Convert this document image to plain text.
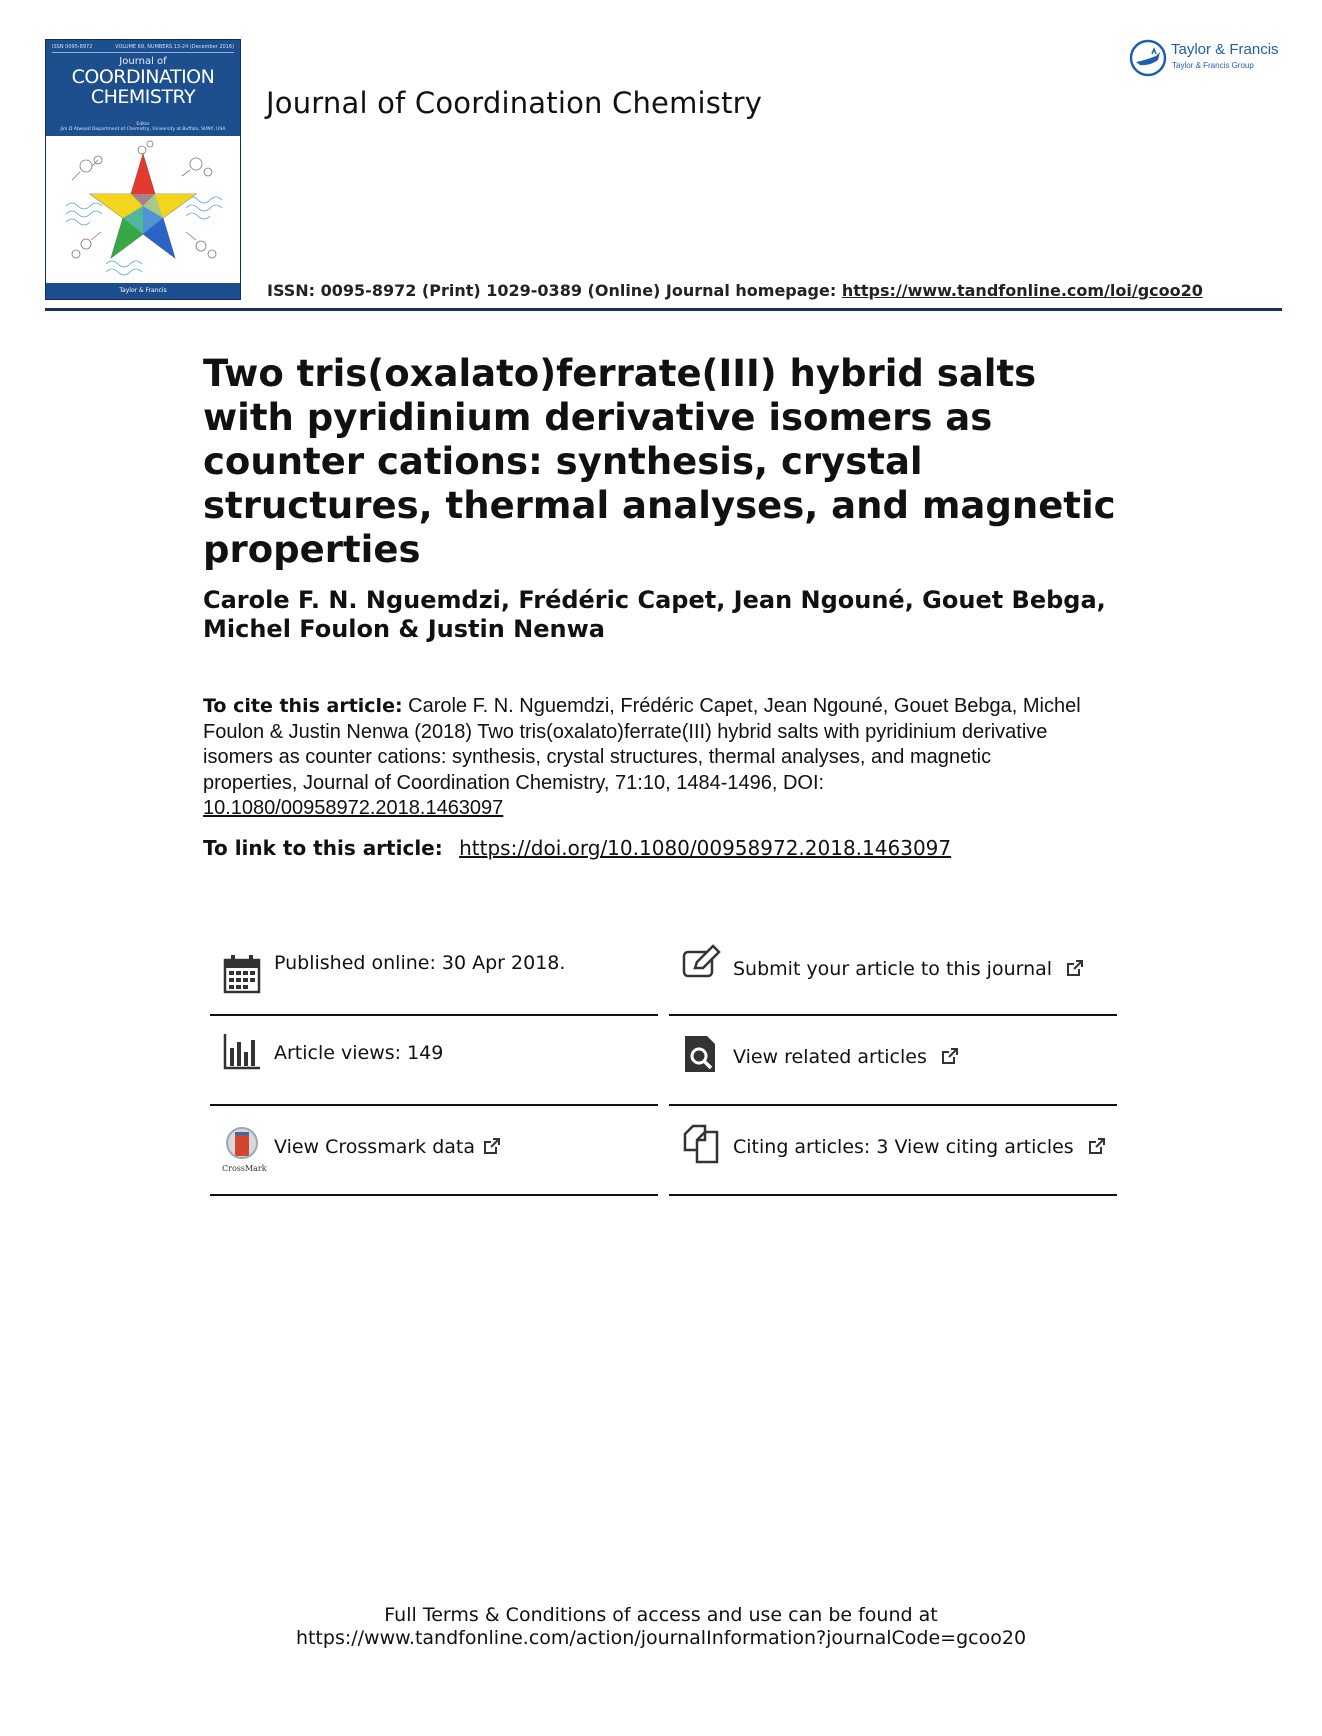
ISSN 0095-8972	VOLUME 69, NUMBERS 13-24 (December 2016)
Journal of
COORDINATION
CHEMISTRY
Editor
Jim D Atwood Department of Chemistry, University at Buffalo, SUNY, USA
Taylor & Francis
Journal of Coordination Chemistry
ISSN: 0095-8972 (Print) 1029-0389 (Online) Journal homepage: https://www.tandfonline.com/loi/gcoo20
Taylor & Francis
Taylor & Francis Group
Two tris(oxalato)ferrate(III) hybrid salts with pyridinium derivative isomers as counter cations: synthesis, crystal structures, thermal analyses, and magnetic properties
Carole F. N. Nguemdzi, Frédéric Capet, Jean Ngouné, Gouet Bebga, Michel Foulon & Justin Nenwa
To cite this article: Carole F. N. Nguemdzi, Frédéric Capet, Jean Ngouné, Gouet Bebga, Michel Foulon & Justin Nenwa (2018) Two tris(oxalato)ferrate(III) hybrid salts with pyridinium derivative isomers as counter cations: synthesis, crystal structures, thermal analyses, and magnetic properties, Journal of Coordination Chemistry, 71:10, 1484-1496, DOI: 10.1080/00958972.2018.1463097
To link to this article: https://doi.org/10.1080/00958972.2018.1463097
Published online: 30 Apr 2018.	Submit your article to this journal
Article views: 149	View related articles
CrossMark
View Crossmark data	Citing articles: 3 View citing articles
Full Terms & Conditions of access and use can be found at
https://www.tandfonline.com/action/journalInformation?journalCode=gcoo20
